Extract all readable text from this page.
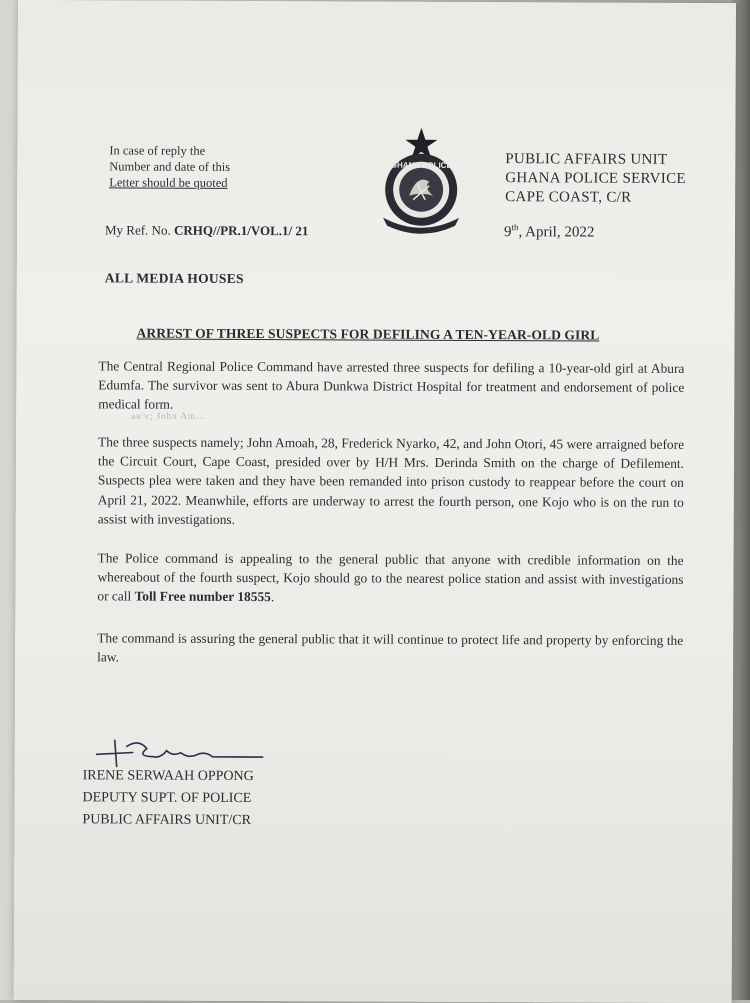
In case of reply the
Number and date of this
Letter should be quoted
GHANA POLICE	PUBLIC AFFAIRS UNIT
GHANA POLICE SERVICE
CAPE COAST, C/R
My Ref. No. CRHQ//PR.1/VOL.1/ 21	9th, April, 2022
ALL MEDIA HOUSES
ARREST OF THREE SUSPECTS FOR DEFILING A TEN-YEAR-OLD GIRL
The Central Regional Police Command have arrested three suspects for defiling a 10-year-old girl at Abura Edumfa. The survivor was sent to Abura Dunkwa District Hospital for treatment and endorsement of police medical form.
an'v; John Am...
The three suspects namely; John Amoah, 28, Frederick Nyarko, 42, and John Otori, 45 were arraigned before the Circuit Court, Cape Coast, presided over by H/H Mrs. Derinda Smith on the charge of Defilement. Suspects plea were taken and they have been remanded into prison custody to reappear before the court on April 21, 2022. Meanwhile, efforts are underway to arrest the fourth person, one Kojo who is on the run to assist with investigations.
The Police command is appealing to the general public that anyone with credible information on the whereabout of the fourth suspect, Kojo should go to the nearest police station and assist with investigations or call Toll Free number 18555.
The command is assuring the general public that it will continue to protect life and property by enforcing the law.
IRENE SERWAAH OPPONG
DEPUTY SUPT. OF POLICE
PUBLIC AFFAIRS UNIT/CR
